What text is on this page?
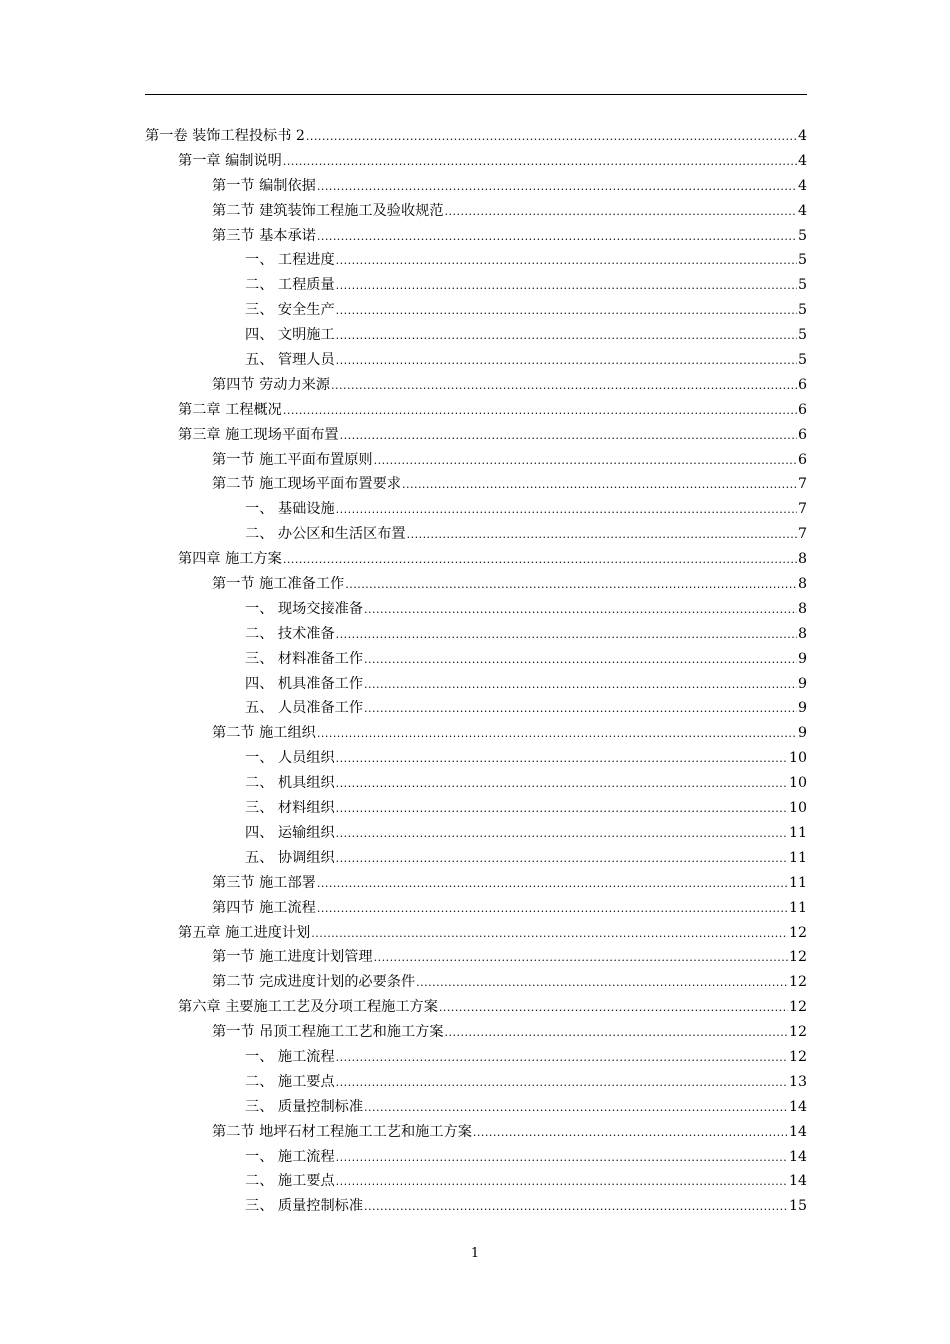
第一卷 装饰工程投标书 2 .....	4
第一章 编制说明 .....	4
第一节 编制依据 .....	4
第二节 建筑装饰工程施工及验收规范 .....	4
第三节 基本承诺 .....	5
一、 工程进度 .....	5
二、 工程质量 .....	5
三、 安全生产 .....	5
四、 文明施工 .....	5
五、 管理人员 .....	5
第四节 劳动力来源 .....	6
第二章 工程概况 .....	6
第三章 施工现场平面布置 .....	6
第一节 施工平面布置原则 .....	6
第二节 施工现场平面布置要求 .....	7
一、 基础设施 .....	7
二、 办公区和生活区布置 .....	7
第四章 施工方案 .....	8
第一节 施工准备工作 .....	8
一、 现场交接准备 .....	8
二、 技术准备 .....	8
三、 材料准备工作 .....	9
四、 机具准备工作 .....	9
五、 人员准备工作 .....	9
第二节 施工组织 .....	9
一、 人员组织 .....	10
二、 机具组织 .....	10
三、 材料组织 .....	10
四、 运输组织 .....	11
五、 协调组织 .....	11
第三节 施工部署 .....	11
第四节 施工流程 .....	11
第五章 施工进度计划 .....	12
第一节 施工进度计划管理 .....	12
第二节 完成进度计划的必要条件 .....	12
第六章 主要施工工艺及分项工程施工方案 .....	12
第一节 吊顶工程施工工艺和施工方案 .....	12
一、 施工流程 .....	12
二、 施工要点 .....	13
三、 质量控制标准 .....	14
第二节 地坪石材工程施工工艺和施工方案 .....	14
一、 施工流程 .....	14
二、 施工要点 .....	14
三、 质量控制标准 .....	15
1
